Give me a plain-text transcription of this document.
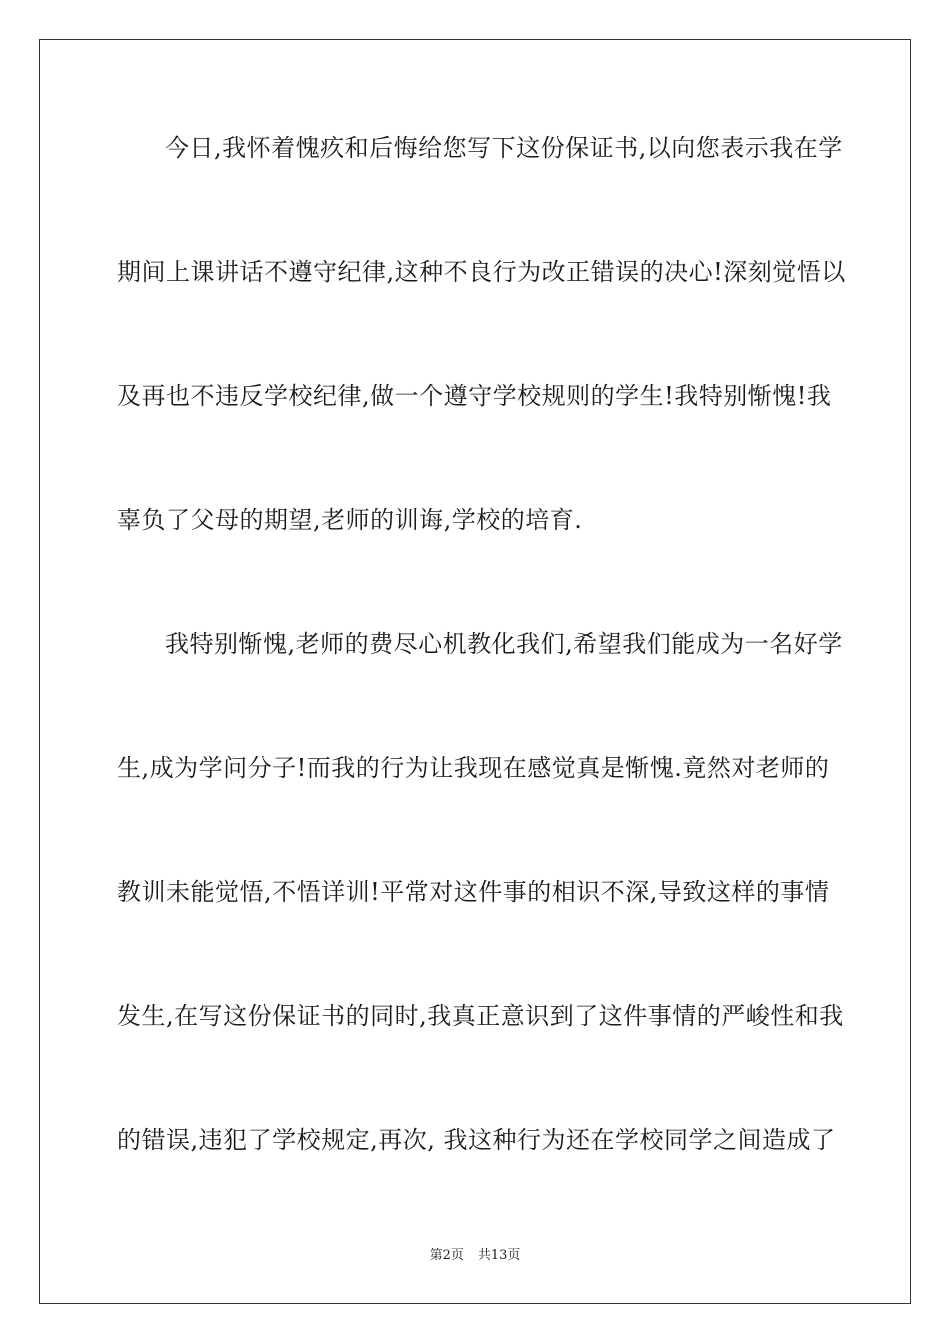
今日,我怀着愧疚和后悔给您写下这份保证书,以向您表示我在学
期间上课讲话不遵守纪律,这种不良行为改正错误的决心!深刻觉悟以
及再也不违反学校纪律,做一个遵守学校规则的学生!我特别惭愧!我
辜负了父母的期望,老师的训诲,学校的培育.
我特别惭愧,老师的费尽心机教化我们,希望我们能成为一名好学
生,成为学问分子!而我的行为让我现在感觉真是惭愧.竟然对老师的
教训未能觉悟,不悟详训!平常对这件事的相识不深,导致这样的事情
发生,在写这份保证书的同时,我真正意识到了这件事情的严峻性和我
的错误,违犯了学校规定,再次, 我这种行为还在学校同学之间造成了
第2页 共13页
